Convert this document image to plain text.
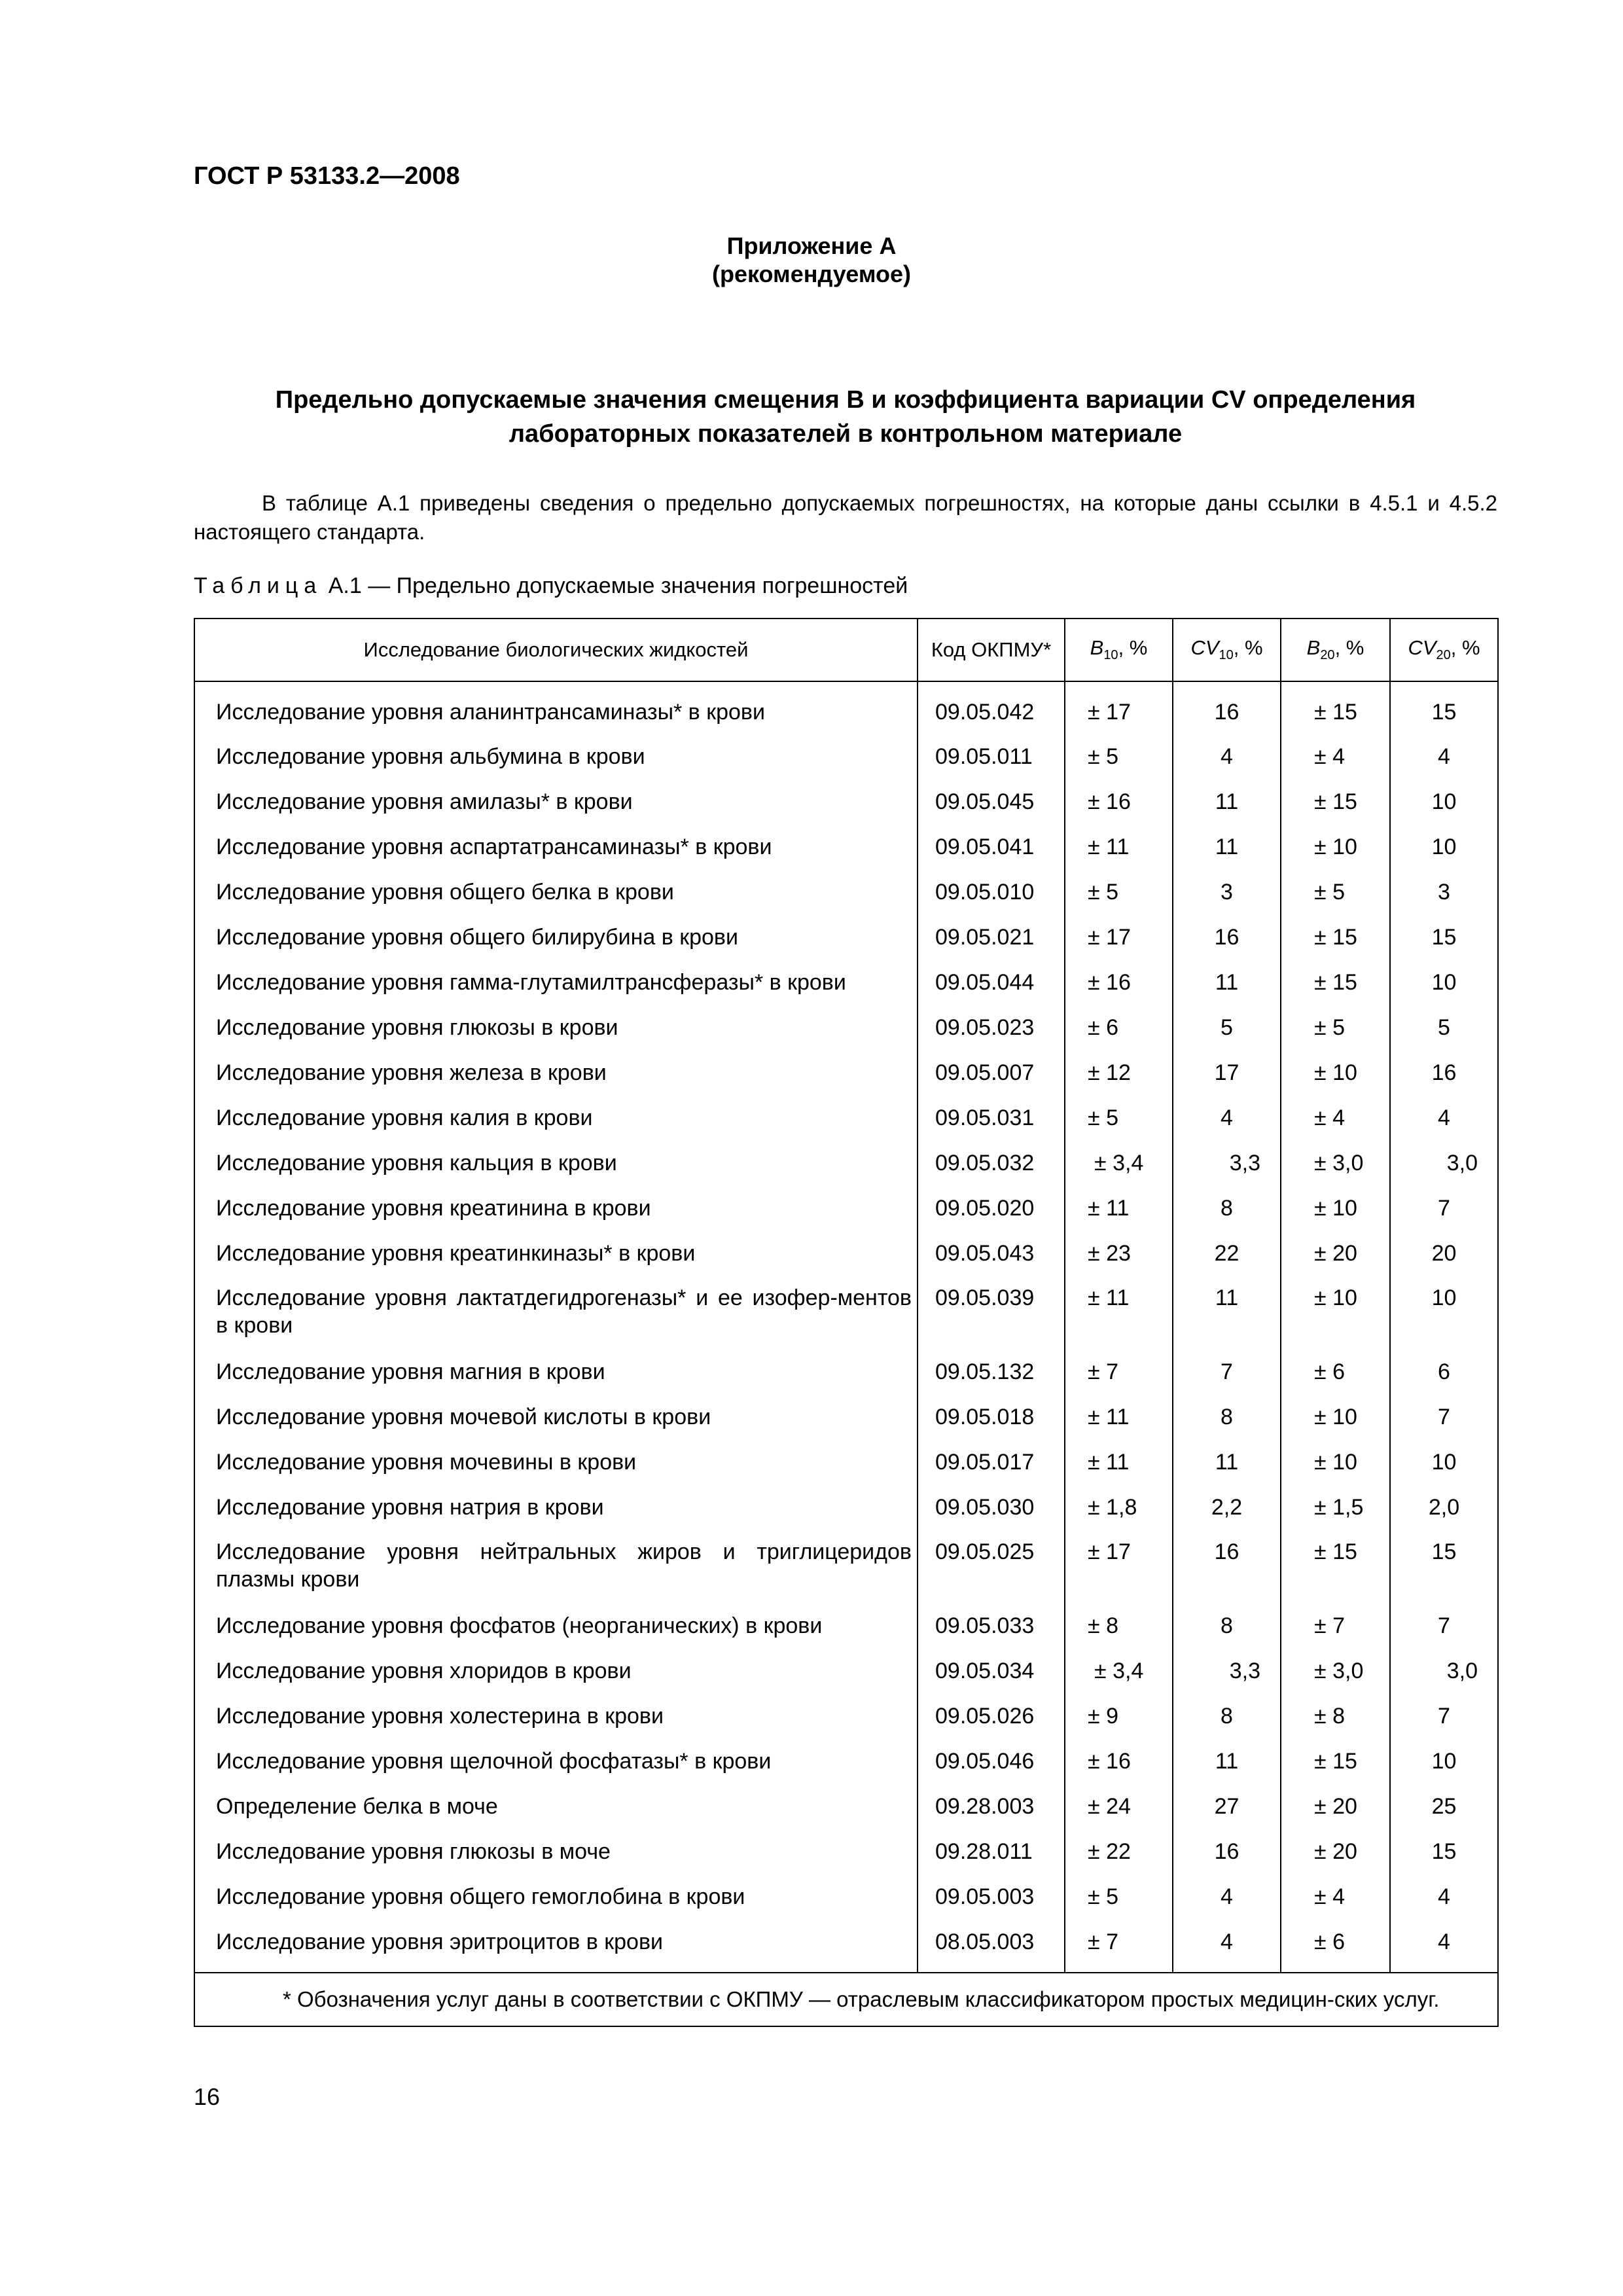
ГОСТ Р 53133.2—2008
Приложение А
(рекомендуемое)
Предельно допускаемые значения смещения B и коэффициента вариации CV определения
лабораторных показателей в контрольном материале
В таблице А.1 приведены сведения о предельно допускаемых погрешностях, на которые даны ссылки в 4.5.1 и 4.5.2 настоящего стандарта.
Таблица А.1 — Предельно допускаемые значения погрешностей
Исследование биологических жидкостей	Код ОКПМУ*	$B_{10}$, %	$CV_{10}$, %	$B_{20}$, %	$CV_{20}$, %
Исследование уровня аланинтрансаминазы* в крови	09.05.042	± 17	16	± 15	15
Исследование уровня альбумина в крови	09.05.011	± 5	4	± 4	4
Исследование уровня амилазы* в крови	09.05.045	± 16	11	± 15	10
Исследование уровня аспартатрансаминазы* в крови	09.05.041	± 11	11	± 10	10
Исследование уровня общего белка в крови	09.05.010	± 5	3	± 5	3
Исследование уровня общего билирубина в крови	09.05.021	± 17	16	± 15	15
Исследование уровня гамма-глутамилтрансферазы* в крови	09.05.044	± 16	11	± 15	10
Исследование уровня глюкозы в крови	09.05.023	± 6	5	± 5	5
Исследование уровня железа в крови	09.05.007	± 12	17	± 10	16
Исследование уровня калия в крови	09.05.031	± 5	4	± 4	4
Исследование уровня кальция в крови	09.05.032	± 3,4	3,3	± 3,0	3,0
Исследование уровня креатинина в крови	09.05.020	± 11	8	± 10	7
Исследование уровня креатинкиназы* в крови	09.05.043	± 23	22	± 20	20
Исследование уровня лактатдегидрогеназы* и ее изофер-ментов в крови	09.05.039	± 11	11	± 10	10
Исследование уровня магния в крови	09.05.132	± 7	7	± 6	6
Исследование уровня мочевой кислоты в крови	09.05.018	± 11	8	± 10	7
Исследование уровня мочевины в крови	09.05.017	± 11	11	± 10	10
Исследование уровня натрия в крови	09.05.030	± 1,8	2,2	± 1,5	2,0
Исследование уровня нейтральных жиров и триглицеридов плазмы крови	09.05.025	± 17	16	± 15	15
Исследование уровня фосфатов (неорганических) в крови	09.05.033	± 8	8	± 7	7
Исследование уровня хлоридов в крови	09.05.034	± 3,4	3,3	± 3,0	3,0
Исследование уровня холестерина в крови	09.05.026	± 9	8	± 8	7
Исследование уровня щелочной фосфатазы* в крови	09.05.046	± 16	11	± 15	10
Определение белка в моче	09.28.003	± 24	27	± 20	25
Исследование уровня глюкозы в моче	09.28.011	± 22	16	± 20	15
Исследование уровня общего гемоглобина в крови	09.05.003	± 5	4	± 4	4
Исследование уровня эритроцитов в крови	08.05.003	± 7	4	± 6	4
* Обозначения услуг даны в соответствии с ОКПМУ — отраслевым классификатором простых медицин-ских услуг.					
16
